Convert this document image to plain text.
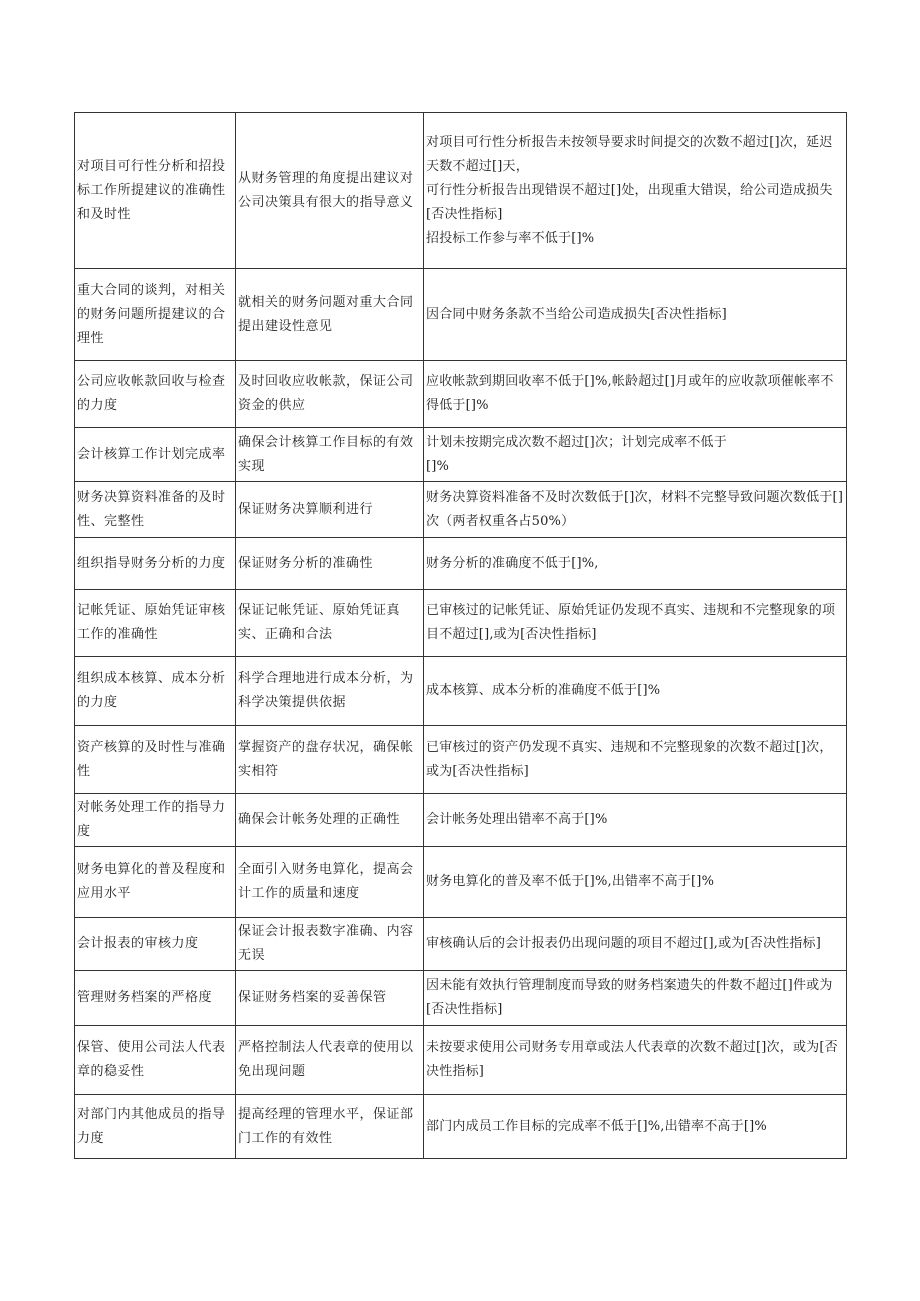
对项目可行性分析和招投标工作所提建议的准确性和及时性	从财务管理的角度提出建议对公司决策具有很大的指导意义	对项目可行性分析报告未按领导要求时间提交的次数不超过[]次，延迟天数不超过[]天，
可行性分析报告出现错误不超过[]处，出现重大错误，给公司造成损失[否决性指标]
招投标工作参与率不低于[]%

重大合同的谈判，对相关的财务问题所提建议的合理性	就相关的财务问题对重大合同提出建设性意见	因合同中财务条款不当给公司造成损失[否决性指标]

公司应收帐款回收与检查的力度	及时回收应收帐款，保证公司资金的供应	应收帐款到期回收率不低于[]%,帐龄超过[]月或年的应收款项催帐率不得低于[]%

会计核算工作计划完成率	确保会计核算工作目标的有效实现	计划未按期完成次数不超过[]次；计划完成率不低于
[]%

财务决算资料准备的及时性、完整性	保证财务决算顺利进行	财务决算资料准备不及时次数低于[]次，材料不完整导致问题次数低于[]次（两者权重各占50%）

组织指导财务分析的力度	保证财务分析的准确性	财务分析的准确度不低于[]%,

记帐凭证、原始凭证审核工作的准确性	保证记帐凭证、原始凭证真实、正确和合法	已审核过的记帐凭证、原始凭证仍发现不真实、违规和不完整现象的项目不超过[],或为[否决性指标]

组织成本核算、成本分析的力度	科学合理地进行成本分析，为科学决策提供依据	成本核算、成本分析的准确度不低于[]%

资产核算的及时性与准确性	掌握资产的盘存状况，确保帐实相符	已审核过的资产仍发现不真实、违规和不完整现象的次数不超过[]次，或为[否决性指标]

对帐务处理工作的指导力度	确保会计帐务处理的正确性	会计帐务处理出错率不高于[]%

财务电算化的普及程度和应用水平	全面引入财务电算化，提高会计工作的质量和速度	财务电算化的普及率不低于[]%,出错率不高于[]%

会计报表的审核力度	保证会计报表数字准确、内容无误	审核确认后的会计报表仍出现问题的项目不超过[],或为[否决性指标]

管理财务档案的严格度	保证财务档案的妥善保管	因未能有效执行管理制度而导致的财务档案遗失的件数不超过[]件或为[否决性指标]

保管、使用公司法人代表章的稳妥性	严格控制法人代表章的使用以免出现问题	未按要求使用公司财务专用章或法人代表章的次数不超过[]次，或为[否决性指标]

对部门内其他成员的指导力度	提高经理的管理水平，保证部门工作的有效性	部门内成员工作目标的完成率不低于[]%,出错率不高于[]%
